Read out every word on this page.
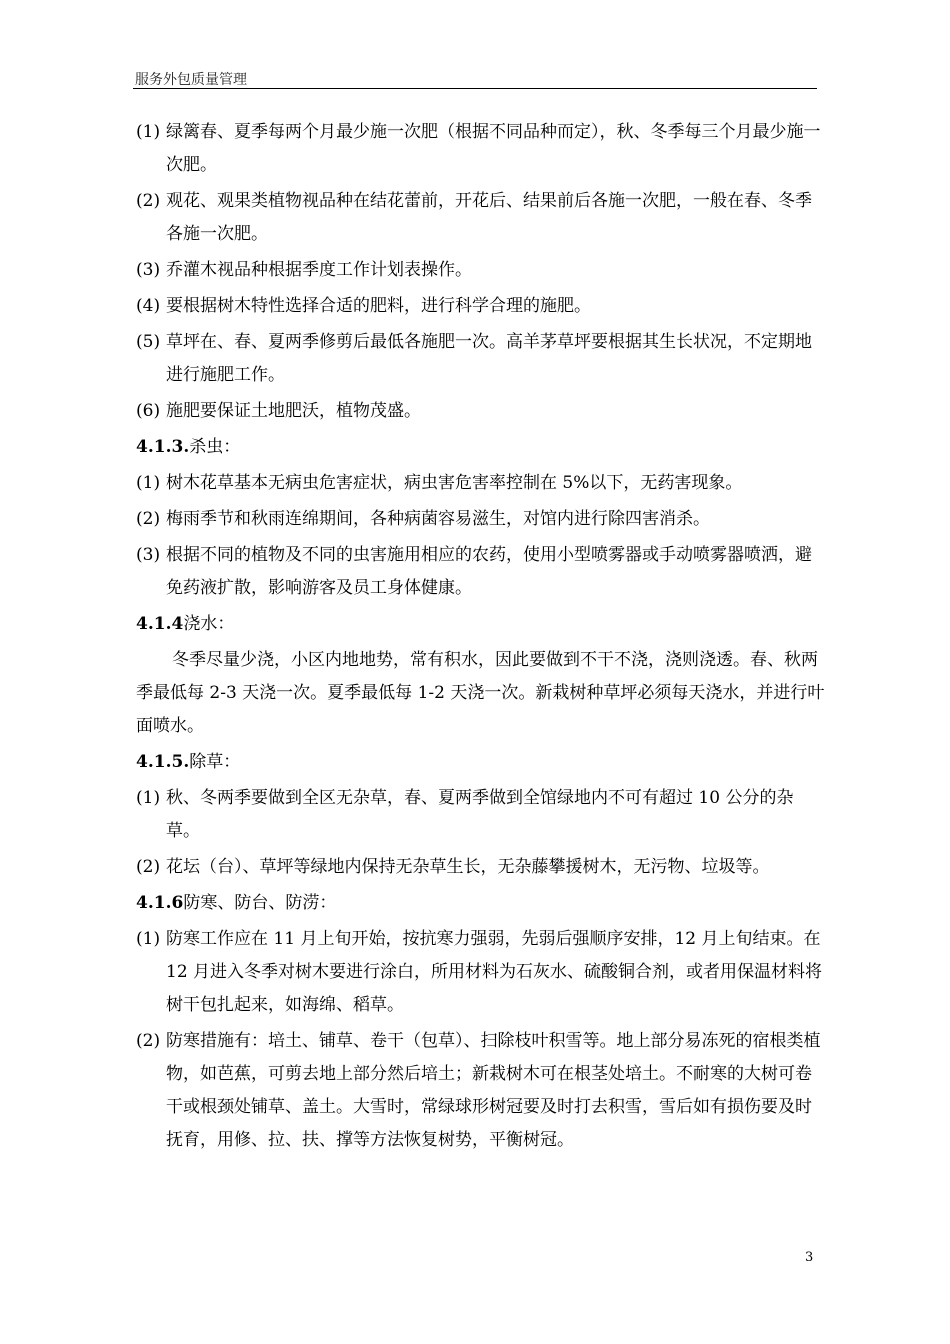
服务外包质量管理
(1) 绿篱春、夏季每两个月最少施一次肥（根据不同品种而定），秋、冬季每三个月最少施一次肥。
(2) 观花、观果类植物视品种在结花蕾前，开花后、结果前后各施一次肥，一般在春、冬季各施一次肥。
(3) 乔灌木视品种根据季度工作计划表操作。
(4) 要根据树木特性选择合适的肥料，进行科学合理的施肥。
(5) 草坪在、春、夏两季修剪后最低各施肥一次。高羊茅草坪要根据其生长状况，不定期地进行施肥工作。
(6) 施肥要保证土地肥沃，植物茂盛。
4.1.3.杀虫：
(1) 树木花草基本无病虫危害症状，病虫害危害率控制在 5%以下，无药害现象。
(2) 梅雨季节和秋雨连绵期间，各种病菌容易滋生，对馆内进行除四害消杀。
(3) 根据不同的植物及不同的虫害施用相应的农药，使用小型喷雾器或手动喷雾器喷洒，避免药液扩散，影响游客及员工身体健康。
4.1.4浇水：
冬季尽量少浇，小区内地地势，常有积水，因此要做到不干不浇，浇则浇透。春、秋两季最低每 2-3 天浇一次。夏季最低每 1-2 天浇一次。新栽树种草坪必须每天浇水，并进行叶面喷水。
4.1.5.除草：
(1) 秋、冬两季要做到全区无杂草，春、夏两季做到全馆绿地内不可有超过 10 公分的杂草。
(2) 花坛（台）、草坪等绿地内保持无杂草生长，无杂藤攀援树木，无污物、垃圾等。
4.1.6防寒、防台、防涝：
(1) 防寒工作应在 11 月上旬开始，按抗寒力强弱，先弱后强顺序安排，12 月上旬结束。在 12 月进入冬季对树木要进行涂白，所用材料为石灰水、硫酸铜合剂，或者用保温材料将树干包扎起来，如海绵、稻草。
(2) 防寒措施有：培土、铺草、卷干（包草）、扫除枝叶积雪等。地上部分易冻死的宿根类植物，如芭蕉，可剪去地上部分然后培土；新栽树木可在根茎处培土。不耐寒的大树可卷干或根颈处铺草、盖土。大雪时，常绿球形树冠要及时打去积雪，雪后如有损伤要及时抚育，用修、拉、扶、撑等方法恢复树势，平衡树冠。
3
